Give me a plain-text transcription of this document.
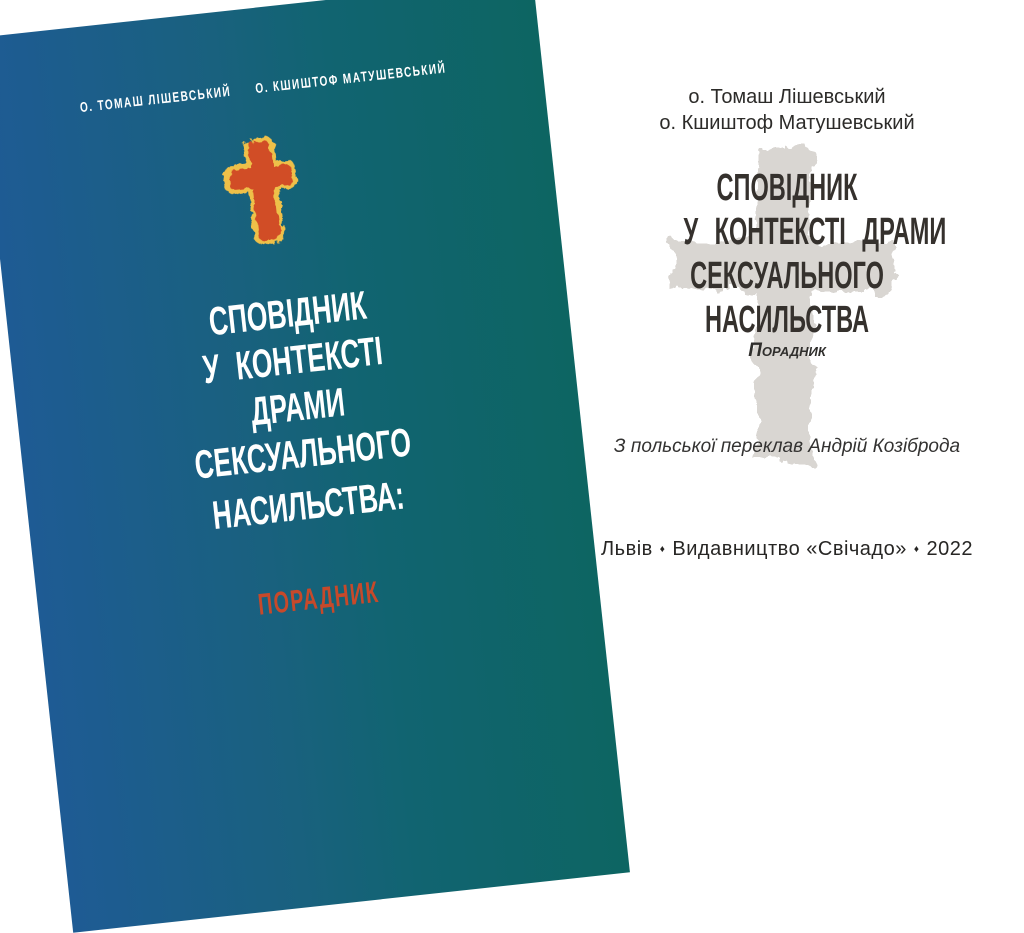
О. ТОМАШ ЛІШЕВСЬКИЙ
О. КШИШТОФ МАТУШЕВСЬКИЙ
СПОВІДНИК
У КОНТЕКСТІ
ДРАМИ
СЕКСУАЛЬНОГО
НАСИЛЬСТВА:
ПОРАДНИК
о. Томаш Лішевський
о. Кшиштоф Матушевський
СПОВІДНИК
У КОНТЕКСТІ ДРАМИ
СЕКСУАЛЬНОГО
НАСИЛЬСТВА
Порадник
З польської переклав Андрій Козіброда
Львів ♦ Видавництво «Свічадо» ♦ 2022
